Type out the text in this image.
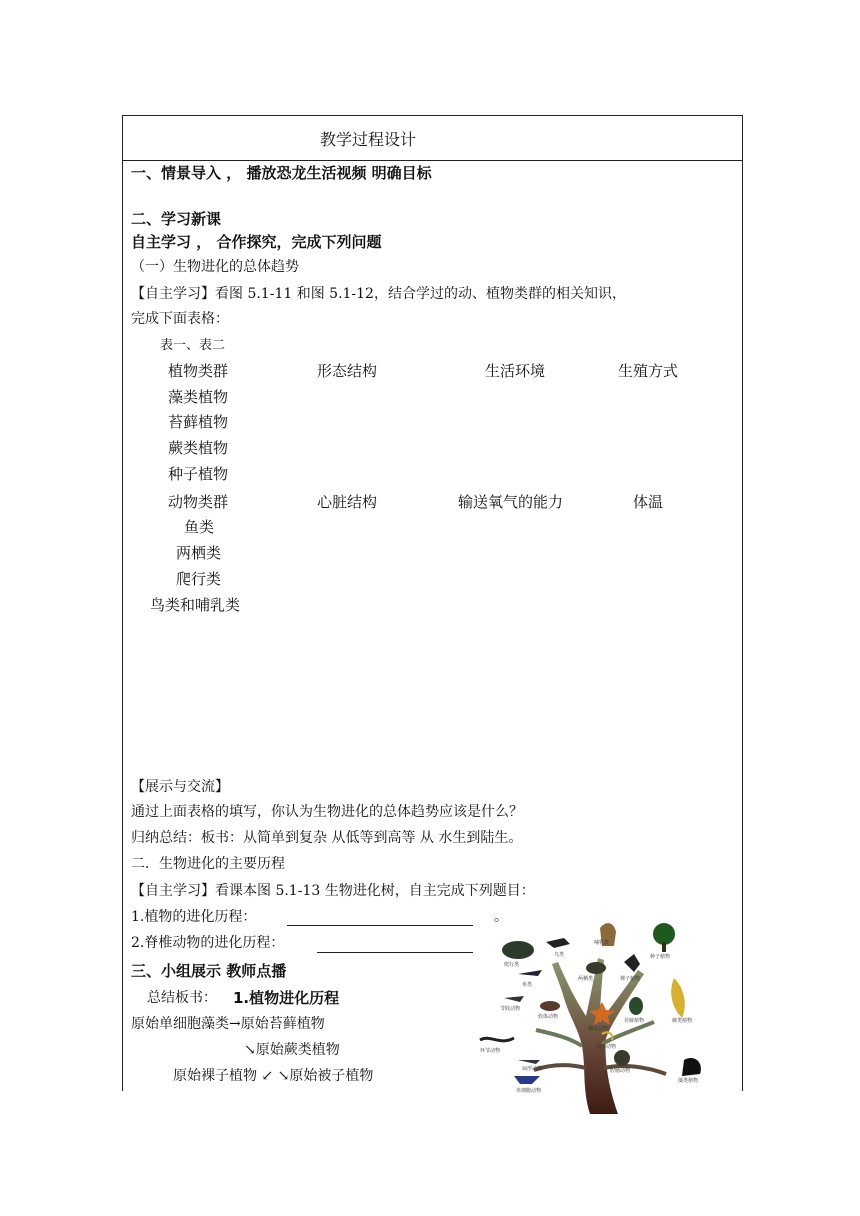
教学过程设计
一、情景导入 ， 播放恐龙生活视频 明确目标
二、学习新课
自主学习 ， 合作探究，完成下列问题
（一）生物进化的总体趋势
【自主学习】看图 5.1-11 和图 5.1-12，结合学过的动、植物类群的相关知识，
完成下面表格：
表一、表二
植物类群	形态结构	生活环境	生殖方式
藻类植物
苔藓植物
蕨类植物
种子植物
动物类群	心脏结构	输送氧气的能力	体温
鱼类
两栖类
爬行类
鸟类和哺乳类
【展示与交流】
通过上面表格的填写，你认为生物进化的总体趋势应该是什么？
归纳总结：板书：从简单到复杂 从低等到高等 从 水生到陆生。
二．生物进化的主要历程
【自主学习】看课本图 5.1-13 生物进化树，自主完成下列题目：
1.植物的进化历程：	。
2.脊椎动物的进化历程：
三、小组展示 教师点播
总结板书： 1.植物进化历程
原始单细胞藻类→原始苔藓植物
↘原始蕨类植物
原始裸子植物 ↙ ↘原始被子植物
爬行类
鸟类
哺乳类
种子植物
鱼类
两栖类	裸子植物
蕨类植物
节肢动物
软体动物
棘皮动物
苔藓植物
环节动物
线形动物
扁形动物	腔肠动物
单细胞动物
藻类植物
